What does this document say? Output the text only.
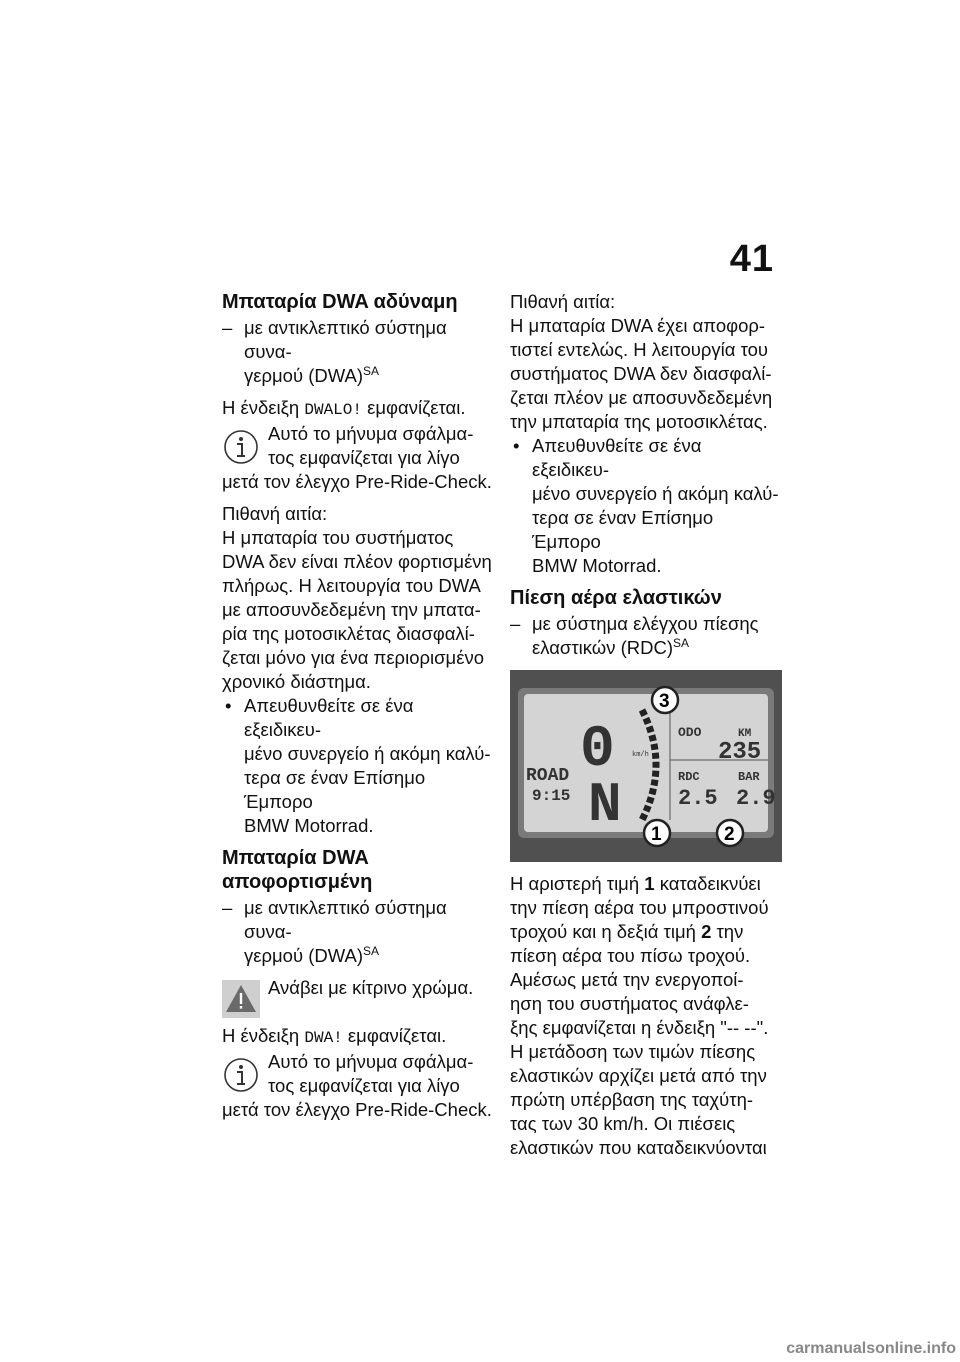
41
Μπαταρία DWA αδύναμη
– με αντικλεπτικό σύστημα συνα-
γερμού (DWA)$^{SA}$
Η ένδειξη DWALO! εμφανίζεται.
Αυτό το μήνυμα σφάλμα-
τος εμφανίζεται για λίγο
μετά τον έλεγχο Pre-Ride-Check.
Πιθανή αιτία:
Η μπαταρία του συστήματος
DWA δεν είναι πλέον φορτισμένη
πλήρως. Η λειτουργία του DWA
με αποσυνδεδεμένη την μπατα-
ρία της μοτοσικλέτας διασφαλί-
ζεται μόνο για ένα περιορισμένο
χρονικό διάστημα.
• Απευθυνθείτε σε ένα εξειδικευ-
μένο συνεργείο ή ακόμη καλύ-
τερα σε έναν Επίσημο Έμπορο
BMW Motorrad.
Μπαταρία DWA
αποφορτισμένη
– με αντικλεπτικό σύστημα συνα-
γερμού (DWA)$^{SA}$
Ανάβει με κίτρινο χρώμα.
Η ένδειξη DWA! εμφανίζεται.
Αυτό το μήνυμα σφάλμα-
τος εμφανίζεται για λίγο
μετά τον έλεγχο Pre-Ride-Check.
Πιθανή αιτία:
Η μπαταρία DWA έχει αποφορ-
τιστεί εντελώς. Η λειτουργία του
συστήματος DWA δεν διασφαλί-
ζεται πλέον με αποσυνδεδεμένη
την μπαταρία της μοτοσικλέτας.
• Απευθυνθείτε σε ένα εξειδικευ-
μένο συνεργείο ή ακόμη καλύ-
τερα σε έναν Επίσημο Έμπορο
BMW Motorrad.
Πίεση αέρα ελαστικών
– με σύστημα ελέγχου πίεσης
ελαστικών (RDC)$^{SA}$
0
N
km/h
ROAD
9:15
ODO	KM
235
RDC	BAR
2.5 2.9
3
1	2
Η αριστερή τιμή 1 καταδεικνύει
την πίεση αέρα του μπροστινού
τροχού και η δεξιά τιμή 2 την
πίεση αέρα του πίσω τροχού.
Αμέσως μετά την ενεργοποί-
ηση του συστήματος ανάφλε-
ξης εμφανίζεται η ένδειξη "-- --".
Η μετάδοση των τιμών πίεσης
ελαστικών αρχίζει μετά από την
πρώτη υπέρβαση της ταχύτη-
τας των 30 km/h. Οι πιέσεις
ελαστικών που καταδεικνύονται
carmanualsonline.info
